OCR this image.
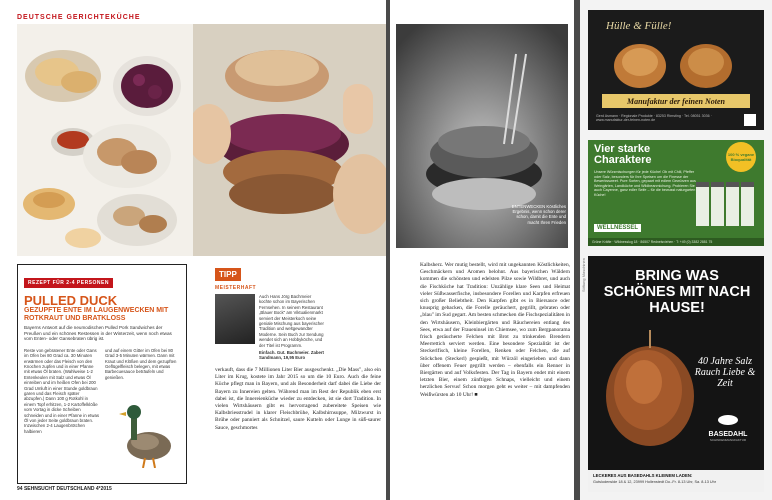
DEUTSCHE GERICHTEKÜCHE
REZEPT FÜR 2-4 PERSONEN
PULLED DUCK
GEZUPFTE ENTE IM LAUGENWECKEN MIT ROTKRAUT UND BRATKLOSS
Bayerns Antwort auf die neumodischen Pulled Pork Sandwiches der Preußen und ein schönes Restessen in der Winterzeit, wenn noch etwas vom Enten- oder Gansebraten übrig ist.
Reste von gebratener Ente oder Gans im Ofen bei 80 Grad ca. 30 Minuten erwärmen oder das Fleisch von den Knochen zupfen und in einer Pfanne mit etwas Öl braten. (Wahlweise 1-2 Entenkeulen mit Salz und etwas Öl einreiben und im heißen Ofen bei 200 Grad Umluft in einer Stunde goldbraun garen und das Fleisch später abzupfen.) Dann 100 g Rotkohl in einem Topf erhitzen, 1-2 Kartoffelklöße vom Vortag in dicke Scheiben schneiden und in einer Pfanne in etwas Öl von jeder Seite goldbraun braten. Inzwischen 2-4 Laugenbrötchen halbieren
und auf einem Gitter im Ofen bei 80 Grad 3-5 Minuten wärmen. Dann mit Kraut und Klößen und dem gezupften Geflügelfleisch belegen, mit etwas Barbecuesauce beträufeln und genießen.
TIPP
MEISTERHAFT
Auch Hans Jörg Bachmeier kochte schon im Bayerischen Fernsehen. In seinem Restaurant „Blauer Bock" am Viktualienmarkt serviert der Meisterkoch seine geniale Mischung aus bayerischer Tradition und weltgewandter Moderne. Sein Buch zur Sendung wendet sich an Hobbyköche, und der Titel ist Programm.
Einfach. Gut. Bachmeier. Zabert Sandmann, 19,95 Euro
verkauft, dass die 7 Millionen Liter Bier ausgeschenkt. „Die Mass", also ein Liter im Krug, kostete im Jahr 2015 so um die 10 Euro. Auch die feine Küche pflegt man in Bayern, und als Besonderheit darf dabei die Liebe der Bayern zu Innereien gelten. Während man im Rest der Republik eben erst dabei ist, die Innereienküche wieder zu entdecken, ist sie dort Tradition. In vielen Wirtshäusern gibt es hervorragend zubereitete Speisen wie Kalbsbriesstrudel in klarer Fleischbrühe, Kalbshirnsuppe, Milzwurst in Brühe oder panniert als Schnitzel, saure Kutteln oder Lunge in süß-saurer Sauce, geschmortes
94 SEHNSUCHT DEUTSCHLAND 4*2015
ENTENWECKEN Köstliches Ergebnis, wenn schon derer schon, damit die Ente und macht Ihren Frieden
Kalbsherz. Wer mutig bestellt, wird mit ungekannten Köstlichkeiten, Geschmäckern und Aromen belohnt. Aus bayerischen Wäldern kommen die schönsten und edelsten Pilze sowie Wildbret, und auch die Fischküche hat Tradition: Unzählige klare Seen und Heimat vieler Süßwasserfische, insbesondere Forellen und Karpfen erfreuen sich großer Beliebtheit. Den Karpfen gibt es in Biersauce oder knusprig gebacken, die Forelle geräuchert, gegrillt, gebraten oder „blau" im Sud gegart. Am besten schmecken die Fischspezialitäten in den Wirtshäusern, Kleinbiergärten und Räuchereien entlang des Sees, etwa auf der Fraueninsel im Chiemsee, wo zum Bergpanorama frisch geräucherte Felchen mit Brot zu trinkenden Brendern Meerrettich serviert werden. Eine besondere Spezialität ist der Steckerlfisch, kleine Forellen, Renken oder Felchen, die auf Stöckchen (Steckerl) gespießt, mit Würzöl eingerieben und dann über offenem Feuer gegrillt werden – ebenfalls ein Renner in Biergärten und auf Volksfesten. Der Tag in Bayern endet mit einem letzten Bier, einem zünftigen Schnaps, vielleicht und einem herzlichen Servus! Schon morgen geht es weiter – mit dampfenden Weißwürsten ab 10 Uhr! ■
Hülle & Fülle!
Manufaktur der feinen Noten
Gerd Asmann · Regionale Produkte · 83253 Rimsting · Tel. 08051 3036 · www.manufaktur-der-feinen-noten.de
Vier starke Charaktere	100 % vegane Bioqualität
Unsere Würzmischungen für jede Küche! Ob mit Chili, Pfeffer oder Salz, besonders für Ihre Speisen um die Finesse der Bewerkssweet. Pure Sorten, gepaart mit edlem Gewürzen aus Weingärten, Landküche und Wildbeanmichung. Probieren Sie auch Cayenne, ganz edler Seife – für die bewusst naturgarten Küche!
WELLNESSEL
Grüne Kräfte · Wildnesslug 18 · 86507 Rednelsviehen · T: +49 (0) 3382 2881 75
BRING WAS SCHÖNES MIT NACH HAUSE!
40 Jahre Salz Rauch Liebe & Zeit
BASEDAHL
SCHINKENMANUFAKTUR
LECKERES AUS BASEDAHLS KLEINEM LADEN:
Gutslodenslde 18 & 12, 23999 Hollenstedt Do.-Fr. 8-13 Uhr, Sa. 8-13 Uhr
Stiftung Maschinen
